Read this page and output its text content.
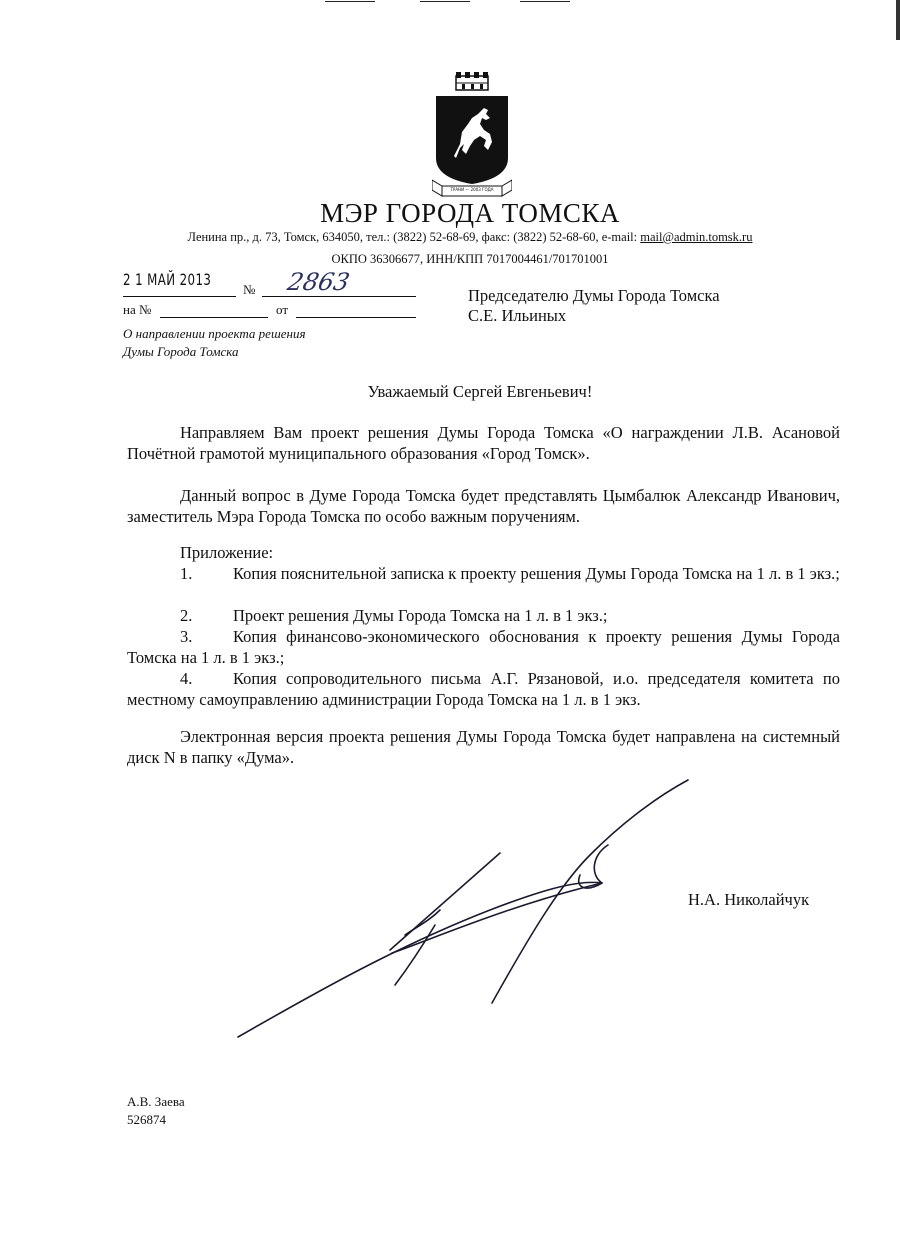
ТРАНИ — 2003 ГОДА
МЭР ГОРОДА ТОМСКА
Ленина пр., д. 73, Томск, 634050, тел.: (3822) 52-68-69, факс: (3822) 52-68-60, e-mail: mail@admin.tomsk.ru
ОКПО 36306677, ИНН/КПП 7017004461/701701001
2 1 МАЙ 2013
№ 2863
на №	от
О направлении проекта решения
Думы Города Томска
Председателю Думы Города Томска
С.Е. Ильиных
Уважаемый Сергей Евгеньевич!
Направляем Вам проект решения Думы Города Томска «О награждении Л.В. Асановой Почётной грамотой муниципального образования «Город Томск».
Данный вопрос в Думе Города Томска будет представлять Цымбалюк Александр Иванович, заместитель Мэра Города Томска по особо важным поручениям.
Приложение:
1. Копия пояснительной записка к проекту решения Думы Города Томска на 1 л. в 1 экз.;
2. Проект решения Думы Города Томска на 1 л. в 1 экз.;
3. Копия финансово-экономического обоснования к проекту решения Думы Города Томска на 1 л. в 1 экз.;
4. Копия сопроводительного письма А.Г. Рязановой, и.о. председателя комитета по местному самоуправлению администрации Города Томска на 1 л. в 1 экз.
Электронная версия проекта решения Думы Города Томска будет направлена на системный диск N в папку «Дума».
Н.А. Николайчук
А.В. Заева
526874
